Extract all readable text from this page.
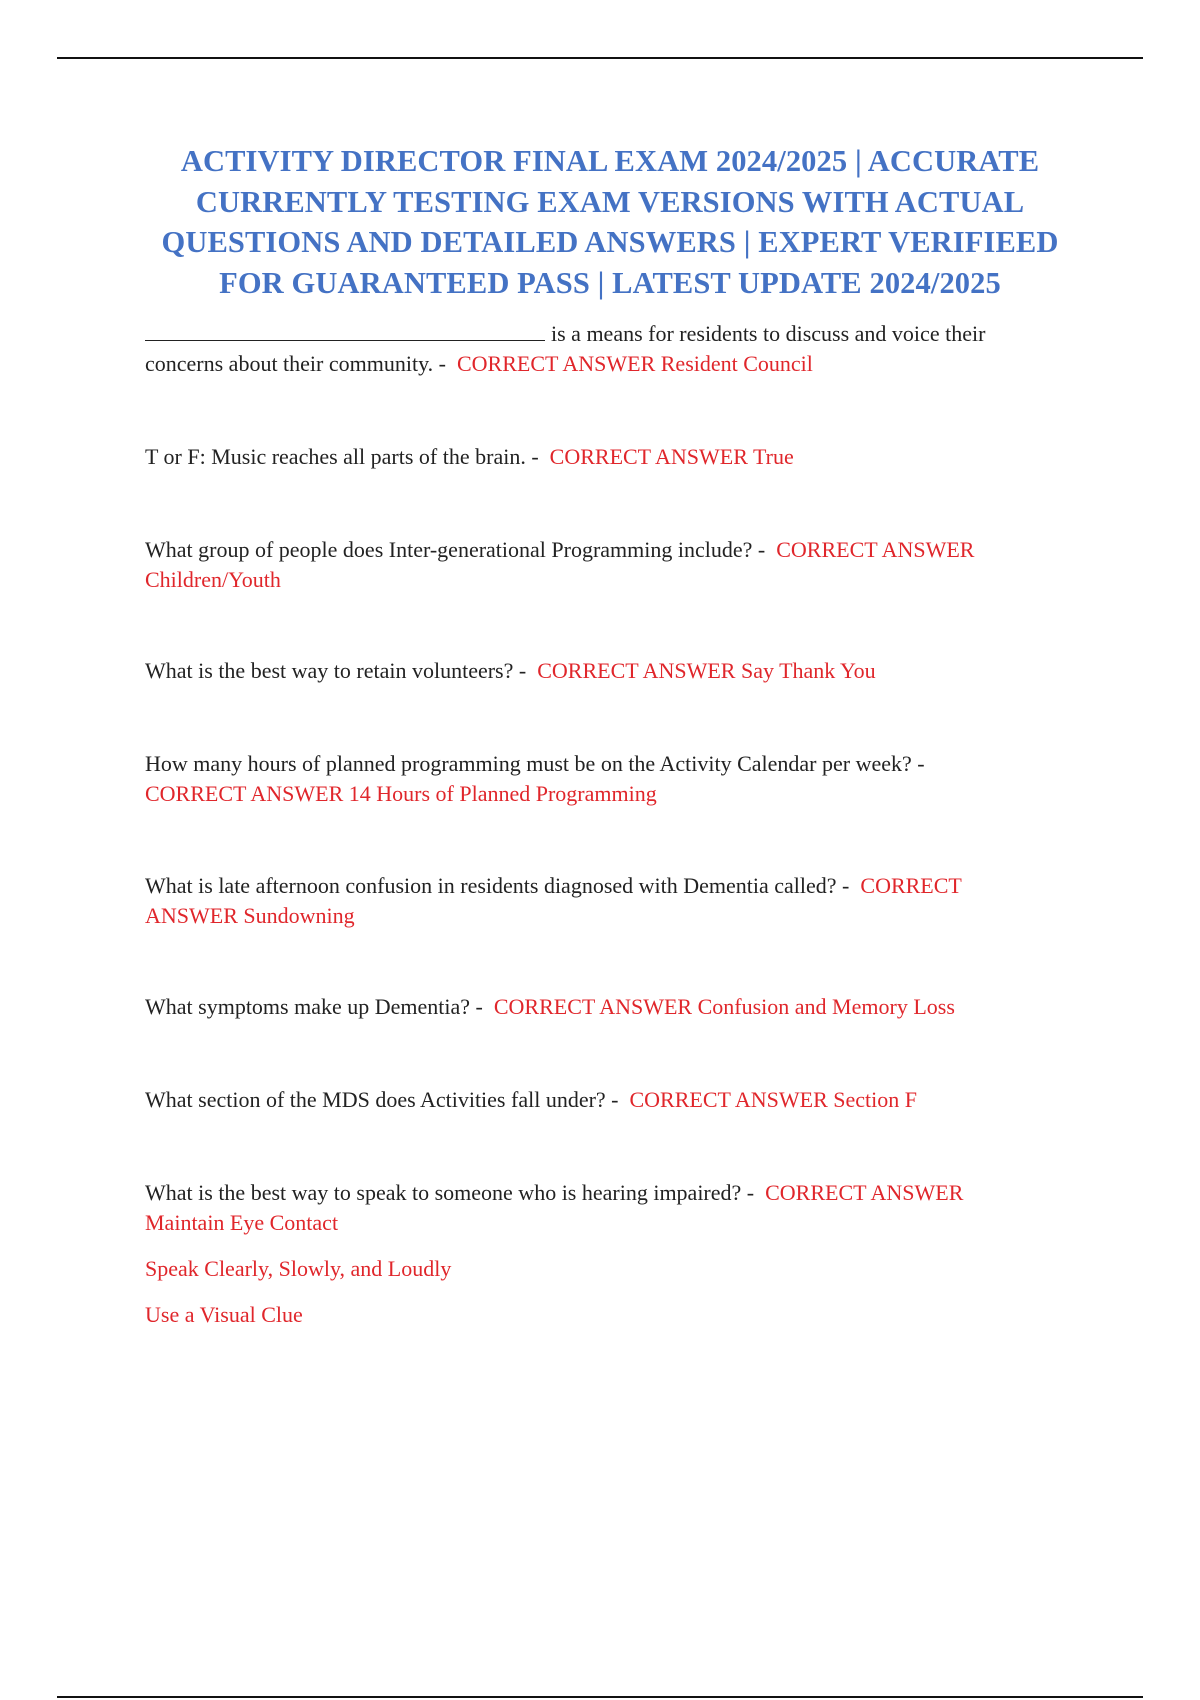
ACTIVITY DIRECTOR FINAL EXAM 2024/2025 | ACCURATE
CURRENTLY TESTING EXAM VERSIONS WITH ACTUAL
QUESTIONS AND DETAILED ANSWERS | EXPERT VERIFIEED
FOR GUARANTEED PASS | LATEST UPDATE 2024/2025

is a means for residents to discuss and voice their
concerns about their community. - CORRECT ANSWER Resident Council

T or F: Music reaches all parts of the brain. - CORRECT ANSWER True

What group of people does Inter-generational Programming include? - CORRECT ANSWER
Children/Youth

What is the best way to retain volunteers? - CORRECT ANSWER Say Thank You

How many hours of planned programming must be on the Activity Calendar per week? -
CORRECT ANSWER 14 Hours of Planned Programming

What is late afternoon confusion in residents diagnosed with Dementia called? - CORRECT
ANSWER Sundowning

What symptoms make up Dementia? - CORRECT ANSWER Confusion and Memory Loss

What section of the MDS does Activities fall under? - CORRECT ANSWER Section F

What is the best way to speak to someone who is hearing impaired? - CORRECT ANSWER
Maintain Eye Contact

Speak Clearly, Slowly, and Loudly

Use a Visual Clue
